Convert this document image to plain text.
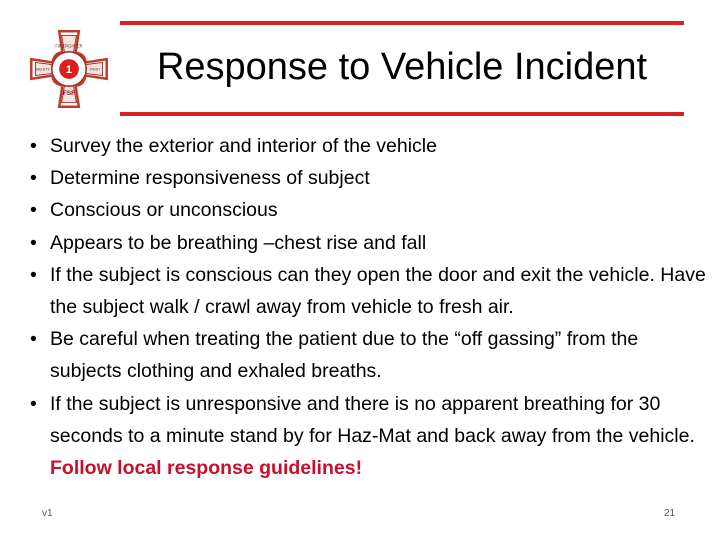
1
FIREFIGHTER
SAFETY	FIRST
FSF
Response to Vehicle Incident
• Survey the exterior and interior of the vehicle
• Determine responsiveness of subject
• Conscious or unconscious
• Appears to be breathing –chest rise and fall
• If the subject is conscious can they open the door and exit the vehicle. Have the subject walk / crawl away from vehicle to fresh air.
• Be careful when treating the patient due to the “off gassing” from the subjects clothing and exhaled breaths.
• If the subject is unresponsive and there is no apparent breathing for 30 seconds to a minute stand by for Haz-Mat and back away from the vehicle. Follow local response guidelines!
v1	21
